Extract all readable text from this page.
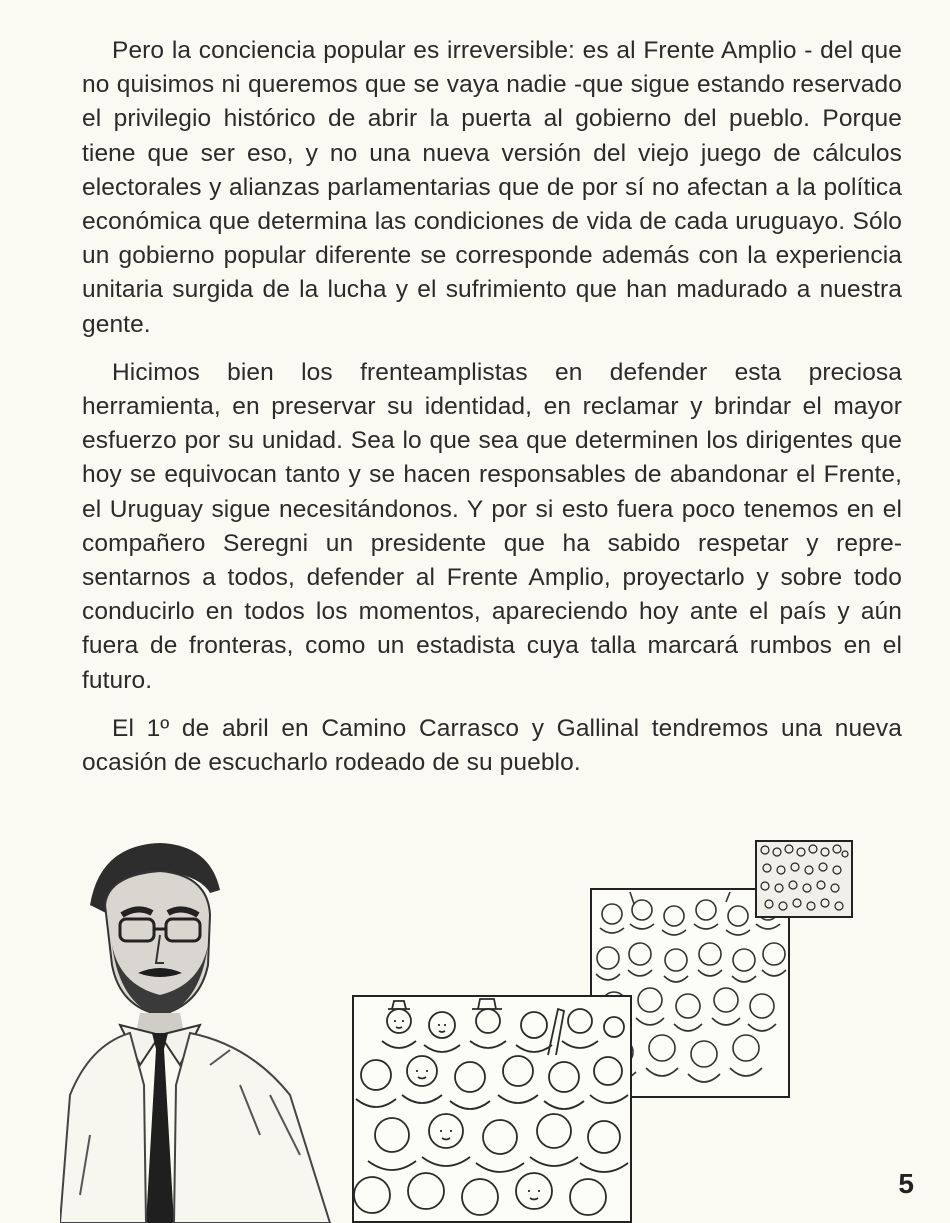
Pero la conciencia popular es irreversible: es al Frente Amplio - del que no quisimos ni queremos que se vaya nadie -que sigue estando reservado el privilegio histórico de abrir la puerta al gobierno del pueblo. Porque tiene que ser eso, y no una nueva versión del viejo juego de cálculos electorales y alianzas parlamentarias que de por sí no afectan a la política económica que determina las condiciones de vida de cada uruguayo. Sólo un gobierno popular diferente se corresponde además con la experiencia unitaria surgida de la lucha y el sufrimiento que han madurado a nuestra gente.

Hicimos bien los frenteamplistas en defender esta preciosa herramienta, en preservar su identidad, en reclamar y brindar el mayor esfuerzo por su unidad. Sea lo que sea que determinen los dirigentes que hoy se equivocan tanto y se hacen responsables de abandonar el Frente, el Uruguay sigue necesitándonos. Y por si esto fuera poco tenemos en el compañero Seregni un presidente que ha sabido respetar y representarnos a todos, defender al Frente Amplio, proyectarlo y sobre todo conducirlo en todos los momentos, apareciendo hoy ante el país y aún fuera de fronteras, como un estadista cuya talla marcará rumbos en el futuro.

El 1º de abril en Camino Carrasco y Gallinal tendremos una nueva ocasión de escucharlo rodeado de su pueblo.

5
